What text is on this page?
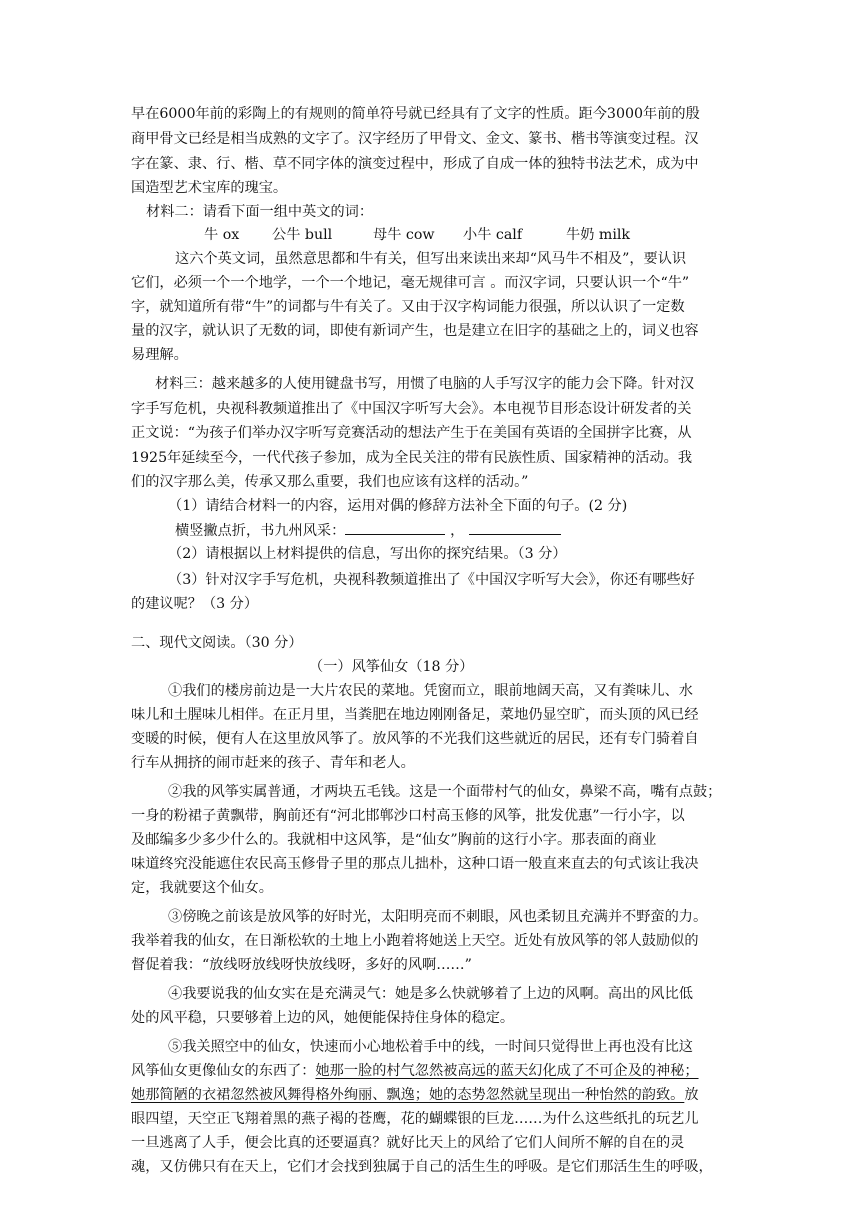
早在6000年前的彩陶上的有规则的简单符号就已经具有了文字的性质。距今3000年前的殷
商甲骨文已经是相当成熟的文字了。汉字经历了甲骨文、金文、篆书、楷书等演变过程。汉
字在篆、隶、行、楷、草不同字体的演变过程中，形成了自成一体的独特书法艺术，成为中
国造型艺术宝库的瑰宝。
材料二：请看下面一组中英文的词：
牛 ox 公牛 bull	母牛 cow 小牛 calf	牛奶 milk
这六个英文词，虽然意思都和牛有关，但写出来读出来却“风马牛不相及”，要认识
它们，必须一个一个地学，一个一个地记，毫无规律可言 。而汉字词，只要认识一个“牛”
字，就知道所有带“牛”的词都与牛有关了。又由于汉字构词能力很强，所以认识了一定数
量的汉字，就认识了无数的词，即使有新词产生，也是建立在旧字的基础之上的，词义也容
易理解。
材料三：越来越多的人使用键盘书写，用惯了电脑的人手写汉字的能力会下降。针对汉
字手写危机，央视科教频道推出了《中国汉字听写大会》。本电视节目形态设计研发者的关
正文说：“为孩子们举办汉字听写竞赛活动的想法产生于在美国有英语的全国拼字比赛，从
1925年延续至今，一代代孩子参加，成为全民关注的带有民族性质、国家精神的活动。我
们的汉字那么美，传承又那么重要，我们也应该有这样的活动。”
（1）请结合材料一的内容，运用对偶的修辞方法补全下面的句子。(2 分)
横竖撇点折，书九州风采：	，
（2）请根据以上材料提供的信息，写出你的探究结果。（3 分）
（3）针对汉字手写危机，央视科教频道推出了《中国汉字听写大会》，你还有哪些好
的建议呢？（3 分）
二、现代文阅读。（30 分）
（一）风筝仙女（18 分）
①我们的楼房前边是一大片农民的菜地。凭窗而立，眼前地阔天高，又有粪味儿、水
味儿和土腥味儿相伴。在正月里，当粪肥在地边刚刚备足，菜地仍显空旷，而头顶的风已经
变暖的时候，便有人在这里放风筝了。放风筝的不光我们这些就近的居民，还有专门骑着自
行车从拥挤的闹市赶来的孩子、青年和老人。
②我的风筝实属普通，才两块五毛钱。这是一个面带村气的仙女，鼻梁不高，嘴有点鼓；
一身的粉裙子黄飘带，胸前还有“河北邯郸沙口村高玉修的风筝，批发优惠”一行小字，以
及邮编多少多少什么的。我就相中这风筝，是“仙女”胸前的这行小字。那表面的商业
味道终究没能遮住农民高玉修骨子里的那点儿拙朴，这种口语一般直来直去的句式该让我决
定，我就要这个仙女。
③傍晚之前该是放风筝的好时光，太阳明亮而不刺眼，风也柔韧且充满并不野蛮的力。
我举着我的仙女，在日渐松软的土地上小跑着将她送上天空。近处有放风筝的邻人鼓励似的
督促着我：“放线呀放线呀快放线呀，多好的风啊……”
④我要说我的仙女实在是充满灵气：她是多么快就够着了上边的风啊。高出的风比低
处的风平稳，只要够着上边的风，她便能保持住身体的稳定。
⑤我关照空中的仙女，快速而小心地松着手中的线，一时间只觉得世上再也没有比这
风筝仙女更像仙女的东西了：她那一脸的村气忽然被高远的蓝天幻化成了不可企及的神秘；
她那简陋的衣裙忽然被风舞得格外绚丽、飘逸；她的态势忽然就呈现出一种怡然的韵致。放
眼四望，天空正飞翔着黑的燕子褐的苍鹰，花的蝴蝶银的巨龙……为什么这些纸扎的玩艺儿
一旦逃离了人手，便会比真的还要逼真？就好比天上的风给了它们人间所不解的自在的灵
魂，又仿佛只有在天上，它们才会找到独属于自己的活生生的呼吸。是它们那活生生的呼吸，
